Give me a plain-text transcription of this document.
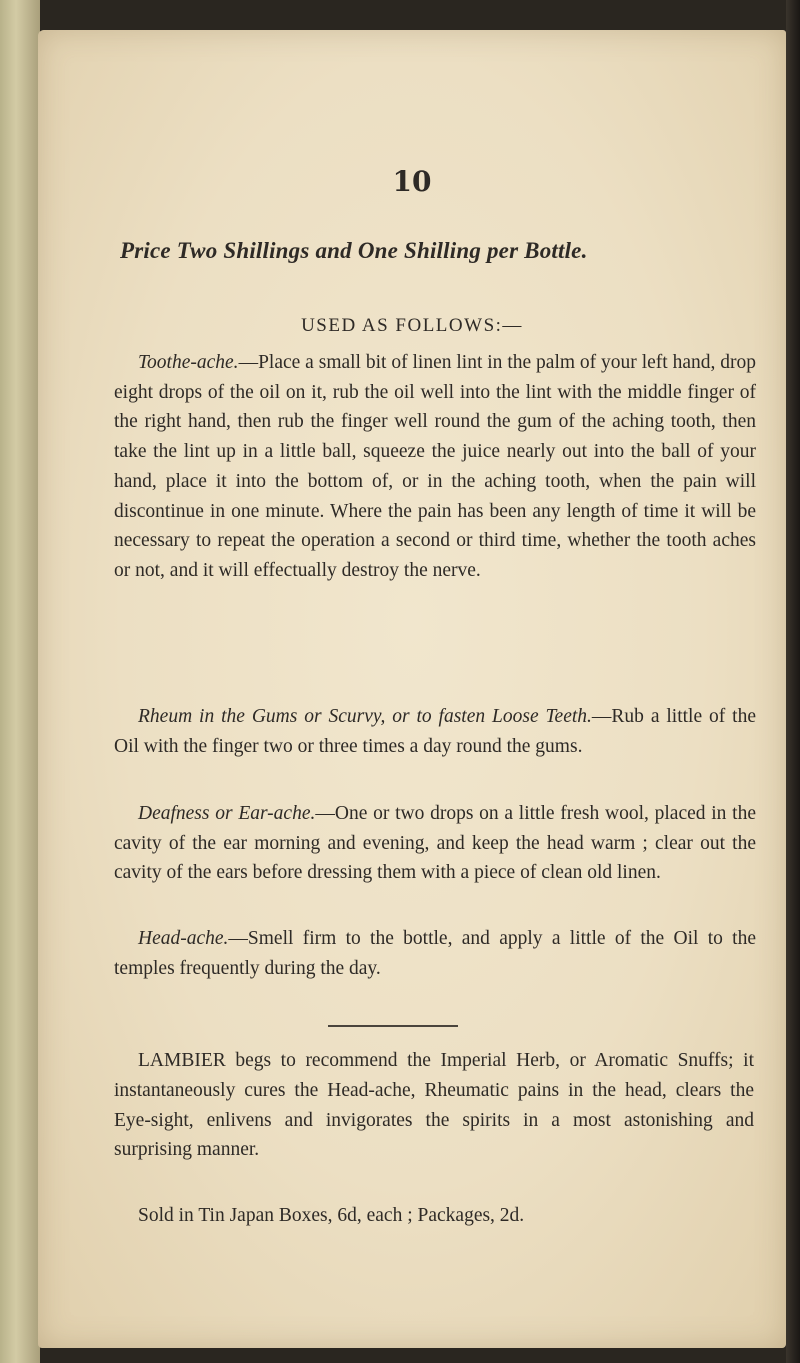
10
Price Two Shillings and One Shilling per Bottle.
USED AS FOLLOWS:—

Toothe-ache.—Place a small bit of linen lint in the palm of your left hand, drop eight drops of the oil on it, rub the oil well into the lint with the middle finger of the right hand, then rub the finger well round the gum of the aching tooth, then take the lint up in a little ball, squeeze the juice nearly out into the ball of your hand, place it into the bottom of, or in the aching tooth, when the pain will discontinue in one minute. Where the pain has been any length of time it will be necessary to repeat the operation a second or third time, whether the tooth aches or not, and it will effectually destroy the nerve.

Rheum in the Gums or Scurvy, or to fasten Loose Teeth.—Rub a little of the Oil with the finger two or three times a day round the gums.

Deafness or Ear-ache.—One or two drops on a little fresh wool, placed in the cavity of the ear morning and evening, and keep the head warm ; clear out the cavity of the ears before dressing them with a piece of clean old linen.

Head-ache.—Smell firm to the bottle, and apply a little of the Oil to the temples frequently during the day.

LAMBIER begs to recommend the Imperial Herb, or Aromatic Snuffs; it instantaneously cures the Head-ache, Rheumatic pains in the head, clears the Eye-sight, enlivens and invigorates the spirits in a most astonishing and surprising manner.
Sold in Tin Japan Boxes, 6d, each ; Packages, 2d.
